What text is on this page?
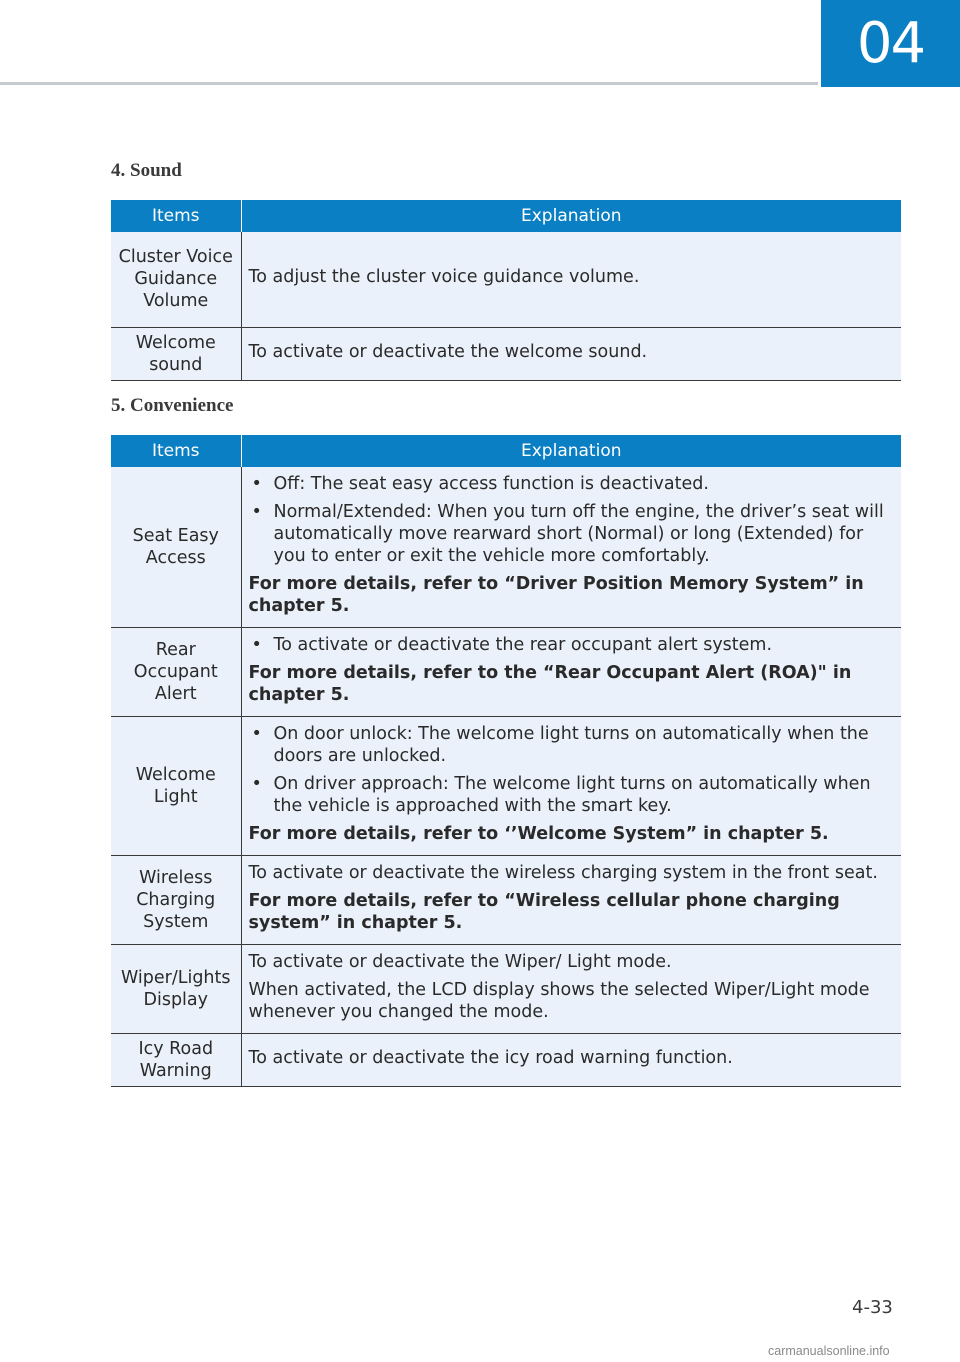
04
4. Sound
Items	Explanation
Cluster Voice Guidance Volume	To adjust the cluster voice guidance volume.

Welcome sound	To activate or deactivate the welcome sound.
5. Convenience
Items	Explanation
Seat Easy Access	• Off: The seat easy access function is deactivated.
• Normal/Extended: When you turn off the engine, the driver’s seat will automatically move rearward short (Normal) or long (Extended) for you to enter or exit the vehicle more comfortably.
For more details, refer to “Driver Position Memory System” in chapter 5.

Rear Occupant Alert	• To activate or deactivate the rear occupant alert system.
For more details, refer to the “Rear Occupant Alert (ROA)" in chapter 5.

Welcome Light	• On door unlock: The welcome light turns on automatically when the doors are unlocked.
• On driver approach: The welcome light turns on automatically when the vehicle is approached with the smart key.
For more details, refer to ‘’Welcome System” in chapter 5.

Wireless Charging System	To activate or deactivate the wireless charging system in the front seat.
For more details, refer to “Wireless cellular phone charging system” in chapter 5.

Wiper/Lights Display	To activate or deactivate the Wiper/ Light mode.
When activated, the LCD display shows the selected Wiper/Light mode whenever you changed the mode.

Icy Road Warning	To activate or deactivate the icy road warning function.
4-33
carmanualsonline.info
